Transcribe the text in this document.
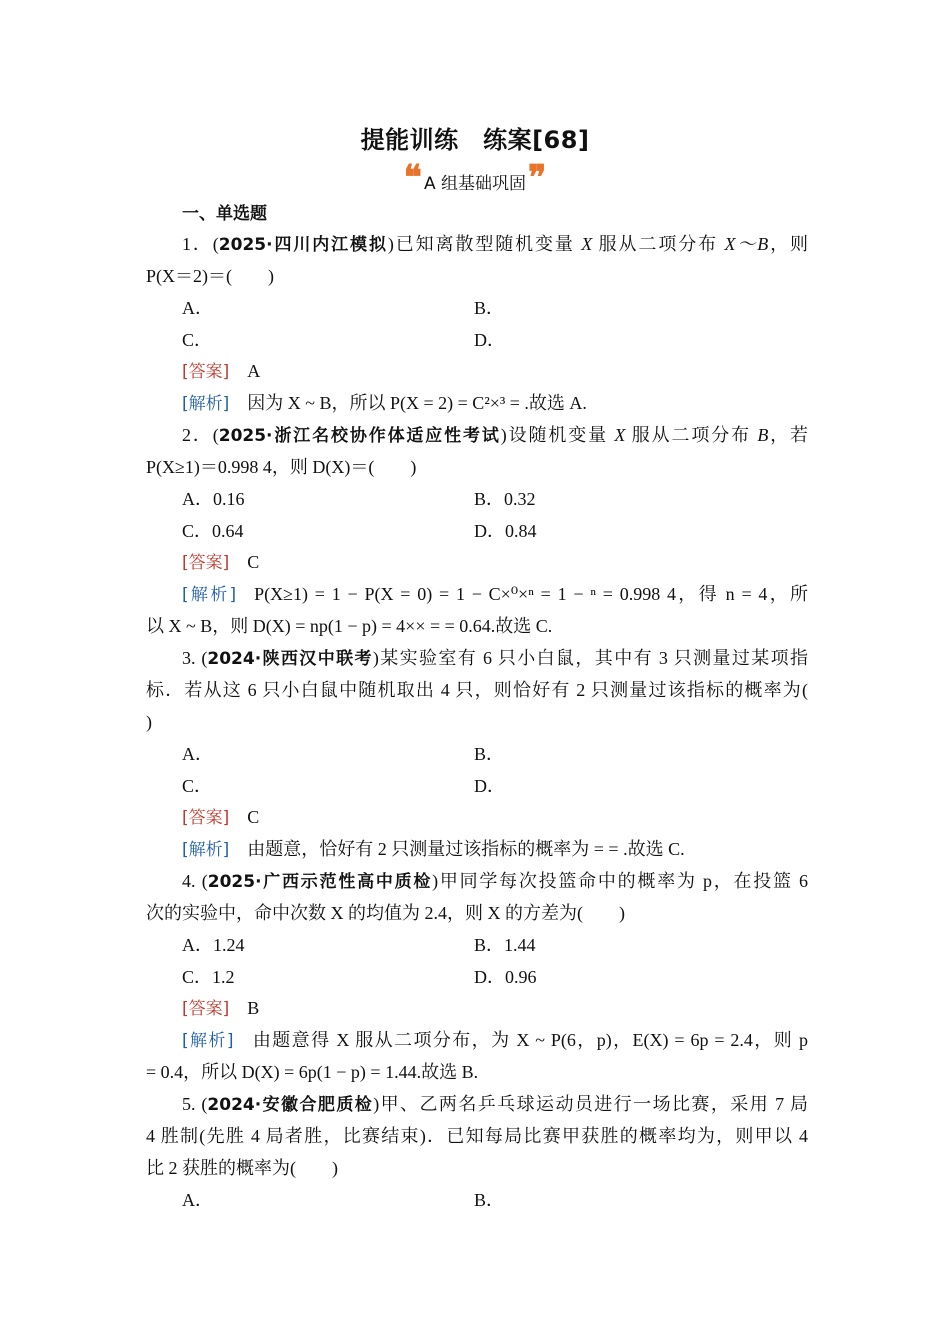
提能训练　练案[68]
❝ A 组基础巩固 ❞
一、单选题
1．(2025·四川内江模拟)已知离散型随机变量 X 服从二项分布 X～B，则
P(X＝2)＝(　　)
A．	B．
C．	D．
[答案] A
[解析] 因为 X ~ B，所以 P(X = 2) = C²×³ = .故选 A.
2．(2025·浙江名校协作体适应性考试)设随机变量 X 服从二项分布 B，若
P(X≥1)＝0.998 4，则 D(X)＝(　　)
A．0.16	B．0.32
C．0.64	D．0.84
[答案] C
[解析] P(X≥1) = 1 − P(X = 0) = 1 − C×⁰×ⁿ = 1 − ⁿ = 0.998 4，得 n = 4，所
以 X ~ B，则 D(X) = np(1 − p) = 4×× = = 0.64.故选 C.
3. (2024·陕西汉中联考)某实验室有 6 只小白鼠，其中有 3 只测量过某项指
标．若从这 6 只小白鼠中随机取出 4 只，则恰好有 2 只测量过该指标的概率为(
)
A．	B．
C．	D．
[答案] C
[解析] 由题意，恰好有 2 只测量过该指标的概率为 = = .故选 C.
4. (2025·广西示范性高中质检)甲同学每次投篮命中的概率为 p，在投篮 6
次的实验中，命中次数 X 的均值为 2.4，则 X 的方差为(　　)
A．1.24	B．1.44
C．1.2	D．0.96
[答案] B
[解析] 由题意得 X 服从二项分布，为 X ~ P(6，p)，E(X) = 6p = 2.4，则 p
= 0.4，所以 D(X) = 6p(1 − p) = 1.44.故选 B.
5. (2024·安徽合肥质检)甲、乙两名乒乓球运动员进行一场比赛，采用 7 局
4 胜制(先胜 4 局者胜，比赛结束)．已知每局比赛甲获胜的概率均为，则甲以 4
比 2 获胜的概率为(　　)
A．	B．
